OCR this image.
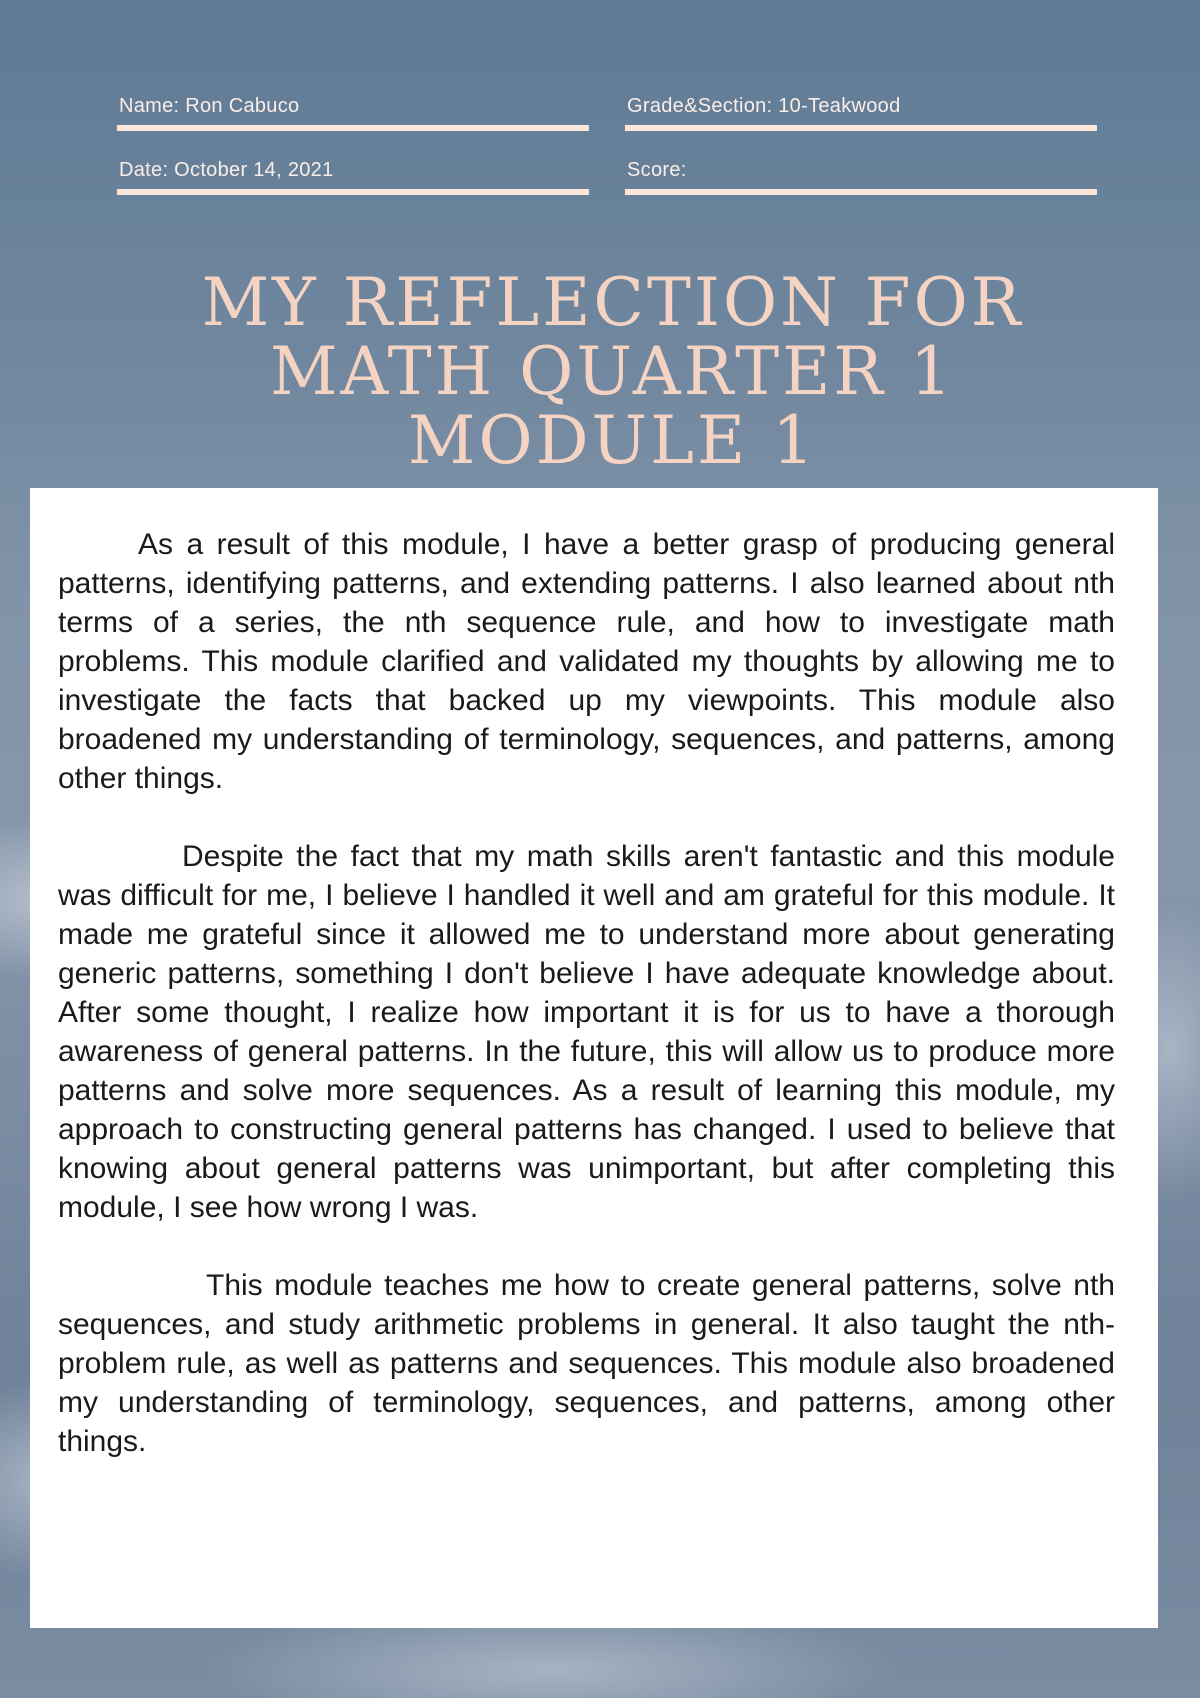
Name: Ron Cabuco	Grade&Section: 10-Teakwood
Date: October 14, 2021	Score:
MY REFLECTION FOR
MATH QUARTER 1
MODULE 1

As a result of this module, I have a better grasp of producing general patterns, identifying patterns, and extending patterns. I also learned about nth terms of a series, the nth sequence rule, and how to investigate math problems. This module clarified and validated my thoughts by allowing me to investigate the facts that backed up my viewpoints. This module also broadened my understanding of terminology, sequences, and patterns, among other things.

Despite the fact that my math skills aren't fantastic and this module was difficult for me, I believe I handled it well and am grateful for this module. It made me grateful since it allowed me to understand more about generating generic patterns, something I don't believe I have adequate knowledge about. After some thought, I realize how important it is for us to have a thorough awareness of general patterns. In the future, this will allow us to produce more patterns and solve more sequences. As a result of learning this module, my approach to constructing general patterns has changed. I used to believe that knowing about general patterns was unimportant, but after completing this module, I see how wrong I was.

This module teaches me how to create general patterns, solve nth sequences, and study arithmetic problems in general. It also taught the nth-problem rule, as well as patterns and sequences. This module also broadened my understanding of terminology, sequences, and patterns, among other things.
